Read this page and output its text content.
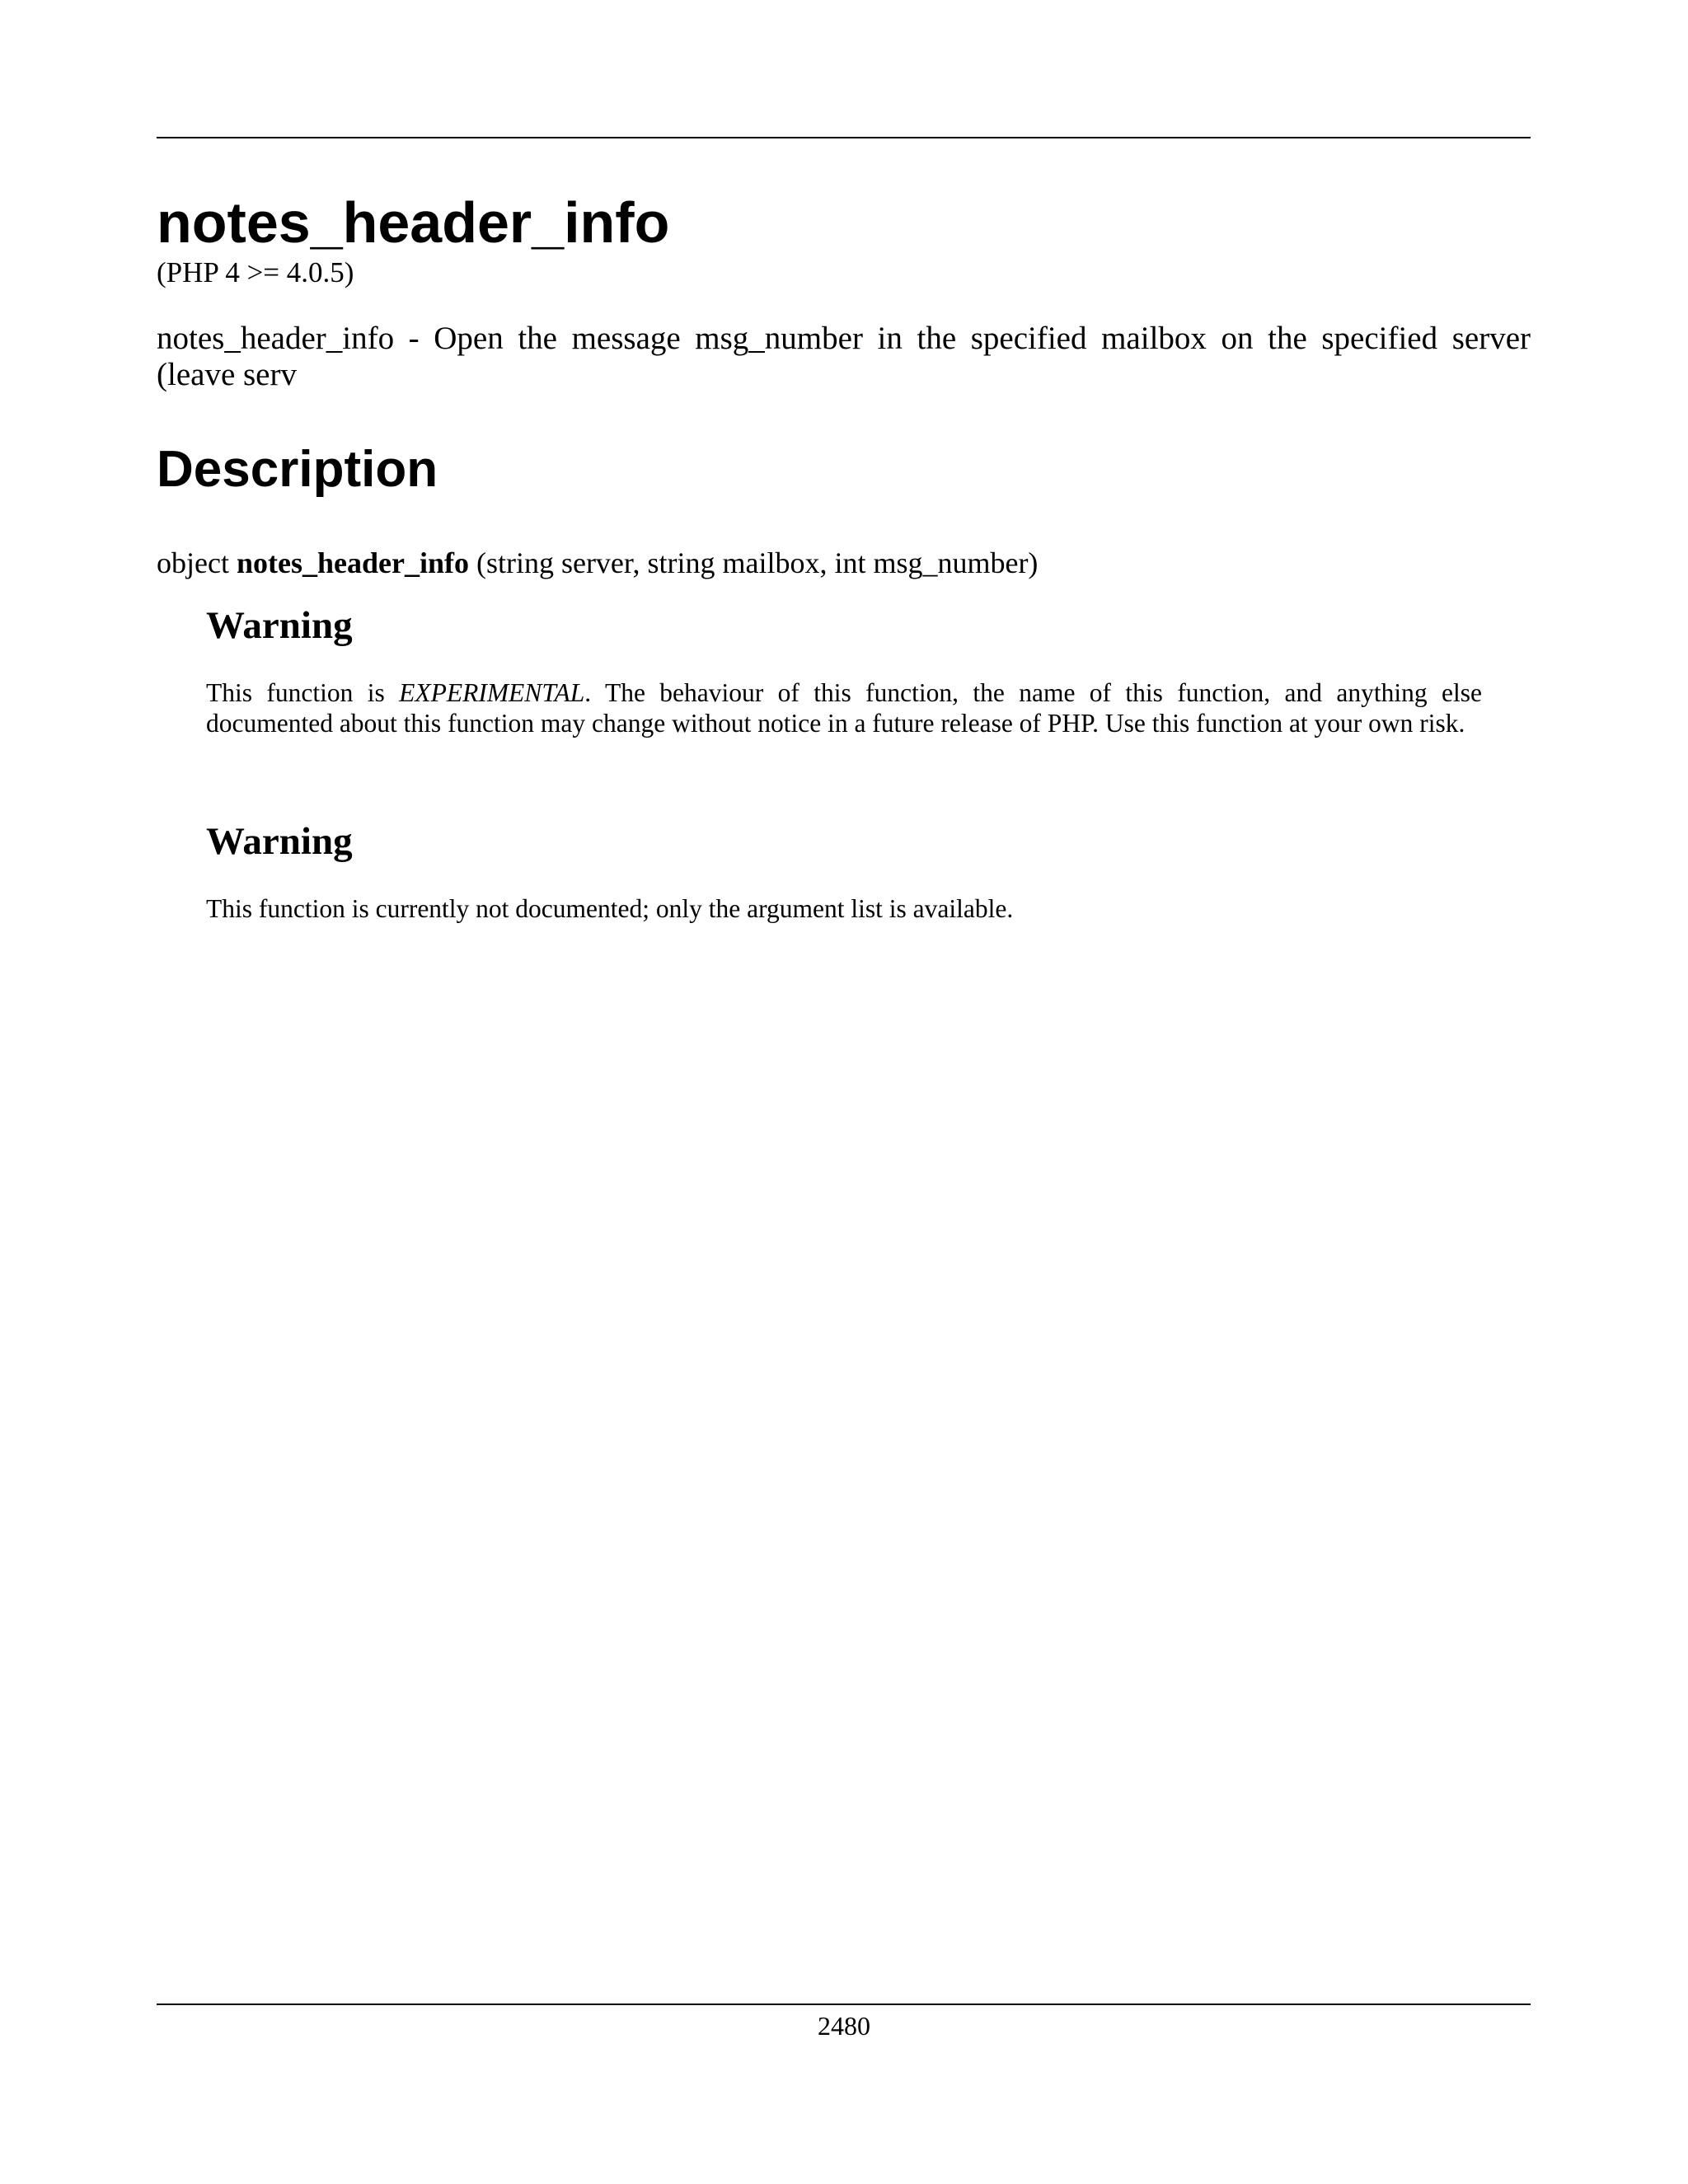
notes_header_info
(PHP 4 >= 4.0.5)
notes_header_info - Open the message msg_number in the specified mailbox on the specified server (leave serv
Description
object notes_header_info (string server, string mailbox, int msg_number)
Warning
This function is EXPERIMENTAL. The behaviour of this function, the name of this function, and anything else documented about this function may change without notice in a future release of PHP. Use this function at your own risk.
Warning
This function is currently not documented; only the argument list is available.
2480
